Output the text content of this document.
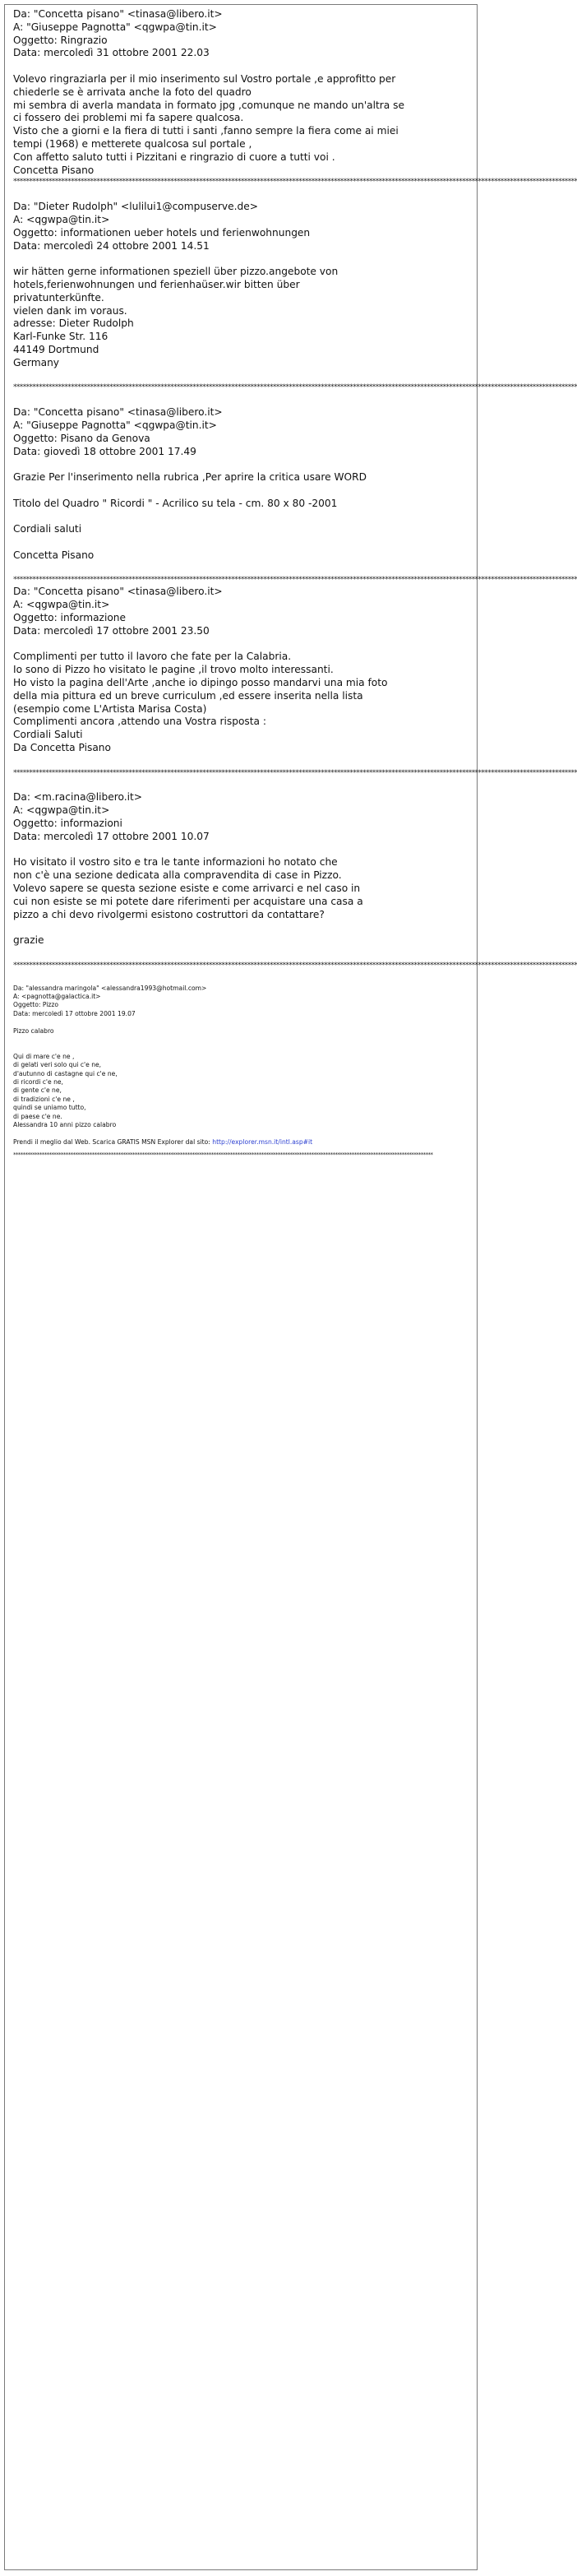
Da: "Concetta pisano" <tinasa@libero.it>
A: "Giuseppe Pagnotta" <qgwpa@tin.it>
Oggetto: Ringrazio
Data: mercoledì 31 ottobre 2001 22.03
Volevo ringraziarla per il mio inserimento sul Vostro portale ,e approfitto per
chiederle se è arrivata anche la foto del quadro
mi sembra di averla mandata in formato jpg ,comunque ne mando un'altra se
ci fossero dei problemi mi fa sapere qualcosa.
Visto che a giorni e la fiera di tutti i santi ,fanno sempre la fiera come ai miei
tempi (1968) e metterete qualcosa sul portale ,
Con affetto saluto tutti i Pizzitani e ringrazio di cuore a tutti voi .
Concetta Pisano
********************************************************************************************************************************************************************************
Da: "Dieter Rudolph" <lulilui1@compuserve.de>
A: <qgwpa@tin.it>
Oggetto: informationen ueber hotels und ferienwohnungen
Data: mercoledì 24 ottobre 2001 14.51
wir hätten gerne informationen speziell über pizzo.angebote von
hotels,ferienwohnungen und ferienhaüser.wir bitten über
privatunterkünfte.
vielen dank im voraus.
adresse: Dieter Rudolph
Karl-Funke Str. 116
44149 Dortmund
Germany
********************************************************************************************************************************************************************************
Da: "Concetta pisano" <tinasa@libero.it>
A: "Giuseppe Pagnotta" <qgwpa@tin.it>
Oggetto: Pisano da Genova
Data: giovedì 18 ottobre 2001 17.49
Grazie Per l'inserimento nella rubrica ,Per aprire la critica usare WORD
Titolo del Quadro " Ricordi " - Acrilico su tela - cm. 80 x 80 -2001
Cordiali saluti
Concetta Pisano
********************************************************************************************************************************************************************************
Da: "Concetta pisano" <tinasa@libero.it>
A: <qgwpa@tin.it>
Oggetto: informazione
Data: mercoledì 17 ottobre 2001 23.50
Complimenti per tutto il lavoro che fate per la Calabria.
Io sono di Pizzo ho visitato le pagine ,il trovo molto interessanti.
Ho visto la pagina dell'Arte ,anche io dipingo posso mandarvi una mia foto
della mia pittura ed un breve curriculum ,ed essere inserita nella lista
(esempio come L'Artista Marisa Costa)
Complimenti ancora ,attendo una Vostra risposta :
Cordiali Saluti
Da Concetta Pisano
********************************************************************************************************************************************************************************
Da: <m.racina@libero.it>
A: <qgwpa@tin.it>
Oggetto: informazioni
Data: mercoledì 17 ottobre 2001 10.07
Ho visitato il vostro sito e tra le tante informazioni ho notato che
non c'è una sezione dedicata alla compravendita di case in Pizzo.
Volevo sapere se questa sezione esiste e come arrivarci e nel caso in
cui non esiste se mi potete dare riferimenti per acquistare una casa a
pizzo a chi devo rivolgermi esistono costruttori da contattare?
grazie
********************************************************************************************************************************************************************************
Da: "alessandra maringola" <alessandra1993@hotmail.com>
A: <pagnotta@galactica.it>
Oggetto: Pizzo
Data: mercoledì 17 ottobre 2001 19.07
Pizzo calabro
Qui di mare c'e ne ,
di gelati veri solo qui c'e ne,
d'autunno di castagne qui c'e ne,
di ricordi c'e ne,
di gente c'e ne,
di tradizioni c'e ne ,
quindi se uniamo tutto,
di paese c'e ne.
Alessandra 10 anni pizzo calabro
Prendi il meglio dal Web. Scarica GRATIS MSN Explorer dal sito: http://explorer.msn.it/intl.asp#it
********************************************************************************************************************************************************************************
